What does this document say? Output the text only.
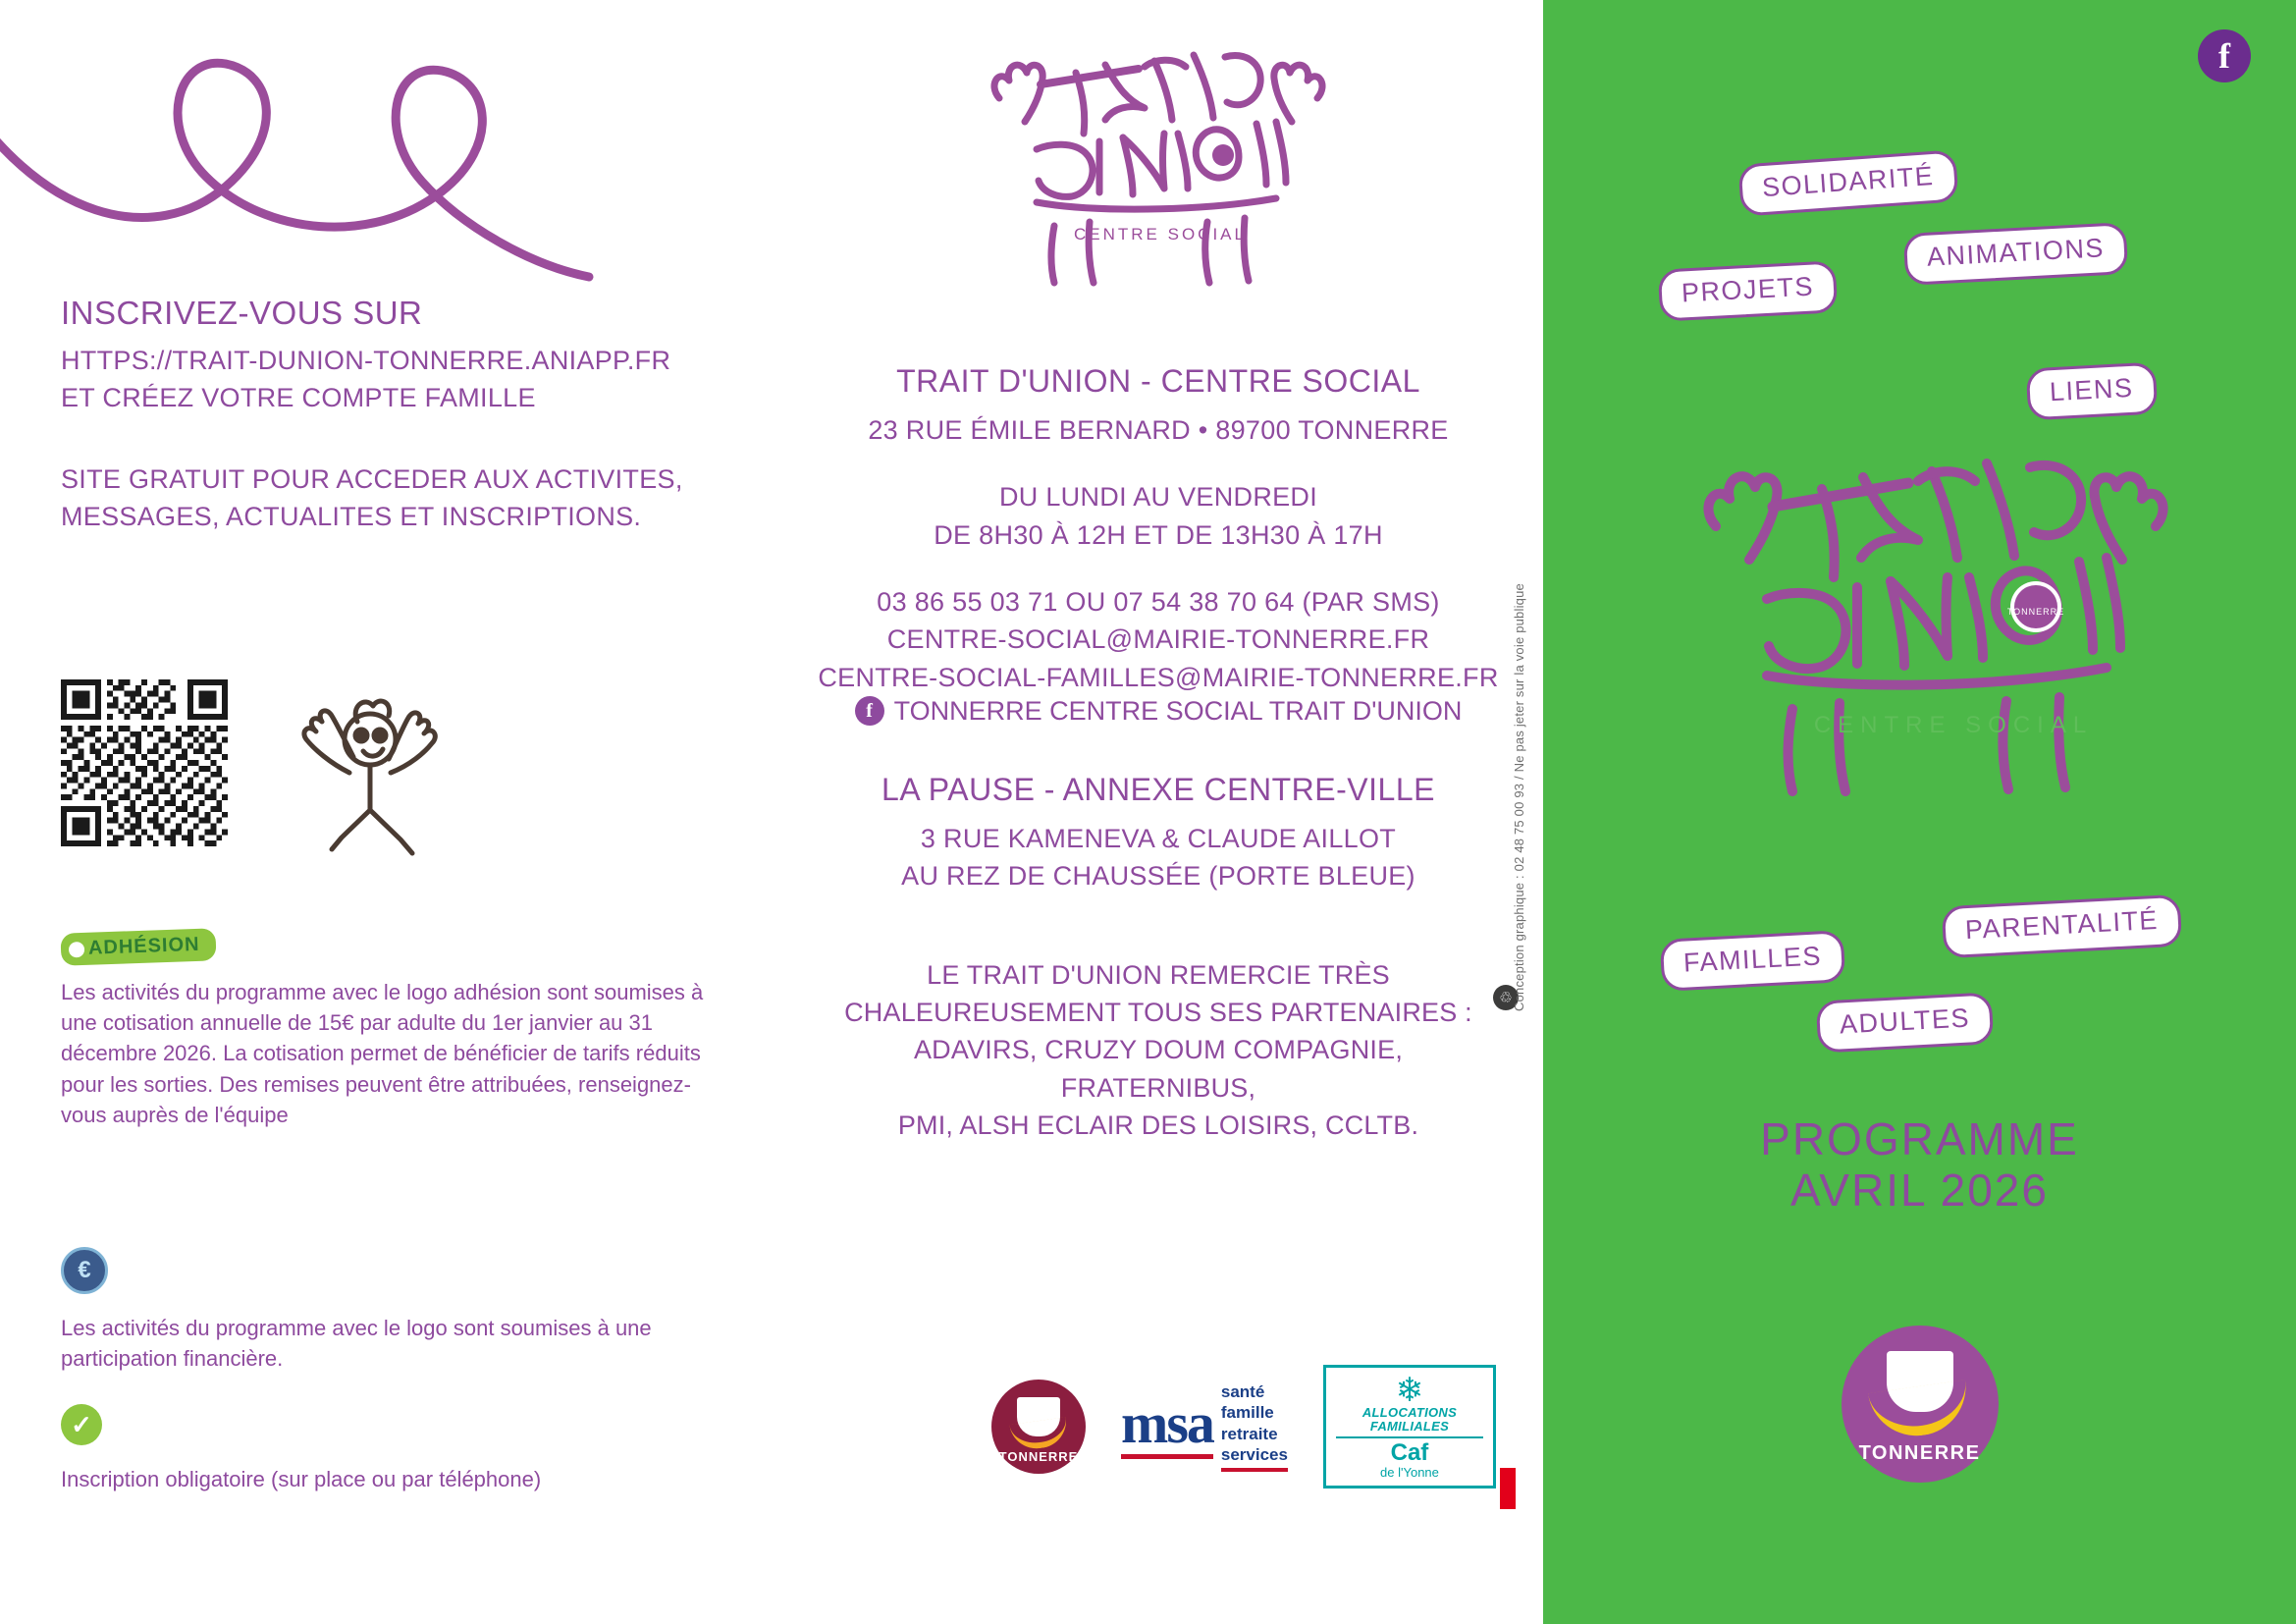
INSCRIVEZ-VOUS SUR

HTTPS://TRAIT-DUNION-TONNERRE.ANIAPP.FR

ET CRÉEZ VOTRE COMPTE FAMILLE

SITE GRATUIT POUR ACCEDER AUX ACTIVITES,
MESSAGES, ACTUALITES ET INSCRIPTIONS.
ADHÉSION

Les activités du programme avec le logo adhésion sont soumises à une cotisation annuelle de 15€ par adulte du 1er janvier au 31 décembre 2026. La cotisation permet de bénéficier de tarifs réduits pour les sorties. Des remises peuvent être attribuées, renseignez-vous auprès de l'équipe

€

Les activités du programme avec le logo sont soumises à une participation financière.

✓

Inscription obligatoire (sur place ou par téléphone)

CENTRE SOCIAL
TRAIT D'UNION - CENTRE SOCIAL
23 RUE ÉMILE BERNARD • 89700 TONNERRE
DU LUNDI AU VENDREDI
DE 8H30 À 12H ET DE 13H30 À 17H
03 86 55 03 71 OU 07 54 38 70 64 (PAR SMS)
CENTRE-SOCIAL@MAIRIE-TONNERRE.FR
CENTRE-SOCIAL-FAMILLES@MAIRIE-TONNERRE.FR
f TONNERRE CENTRE SOCIAL TRAIT D'UNION
LA PAUSE - ANNEXE CENTRE-VILLE
3 RUE KAMENEVA & CLAUDE AILLOT
AU REZ DE CHAUSSÉE (PORTE BLEUE)
LE TRAIT D'UNION REMERCIE TRÈS
CHALEUREUSEMENT TOUS SES PARTENAIRES :
ADAVIRS, CRUZY DOUM COMPAGNIE, FRATERNIBUS,
PMI, ALSH ECLAIR DES LOISIRS, CCLTB.
TONNERRE
msa santé
famille
retraite
services
❄
ALLOCATIONS
FAMILIALES
Caf
de l'Yonne
♲ Conception graphique : 02 48 75 00 93 / Ne pas jeter sur la voie publique
f
SOLIDARITÉ
ANIMATIONS
PROJETS
LIENS
PARENTALITÉ
FAMILLES
ADULTES
TONNERRE
CENTRE SOCIAL
PROGRAMME
AVRIL 2026
TONNERRE
